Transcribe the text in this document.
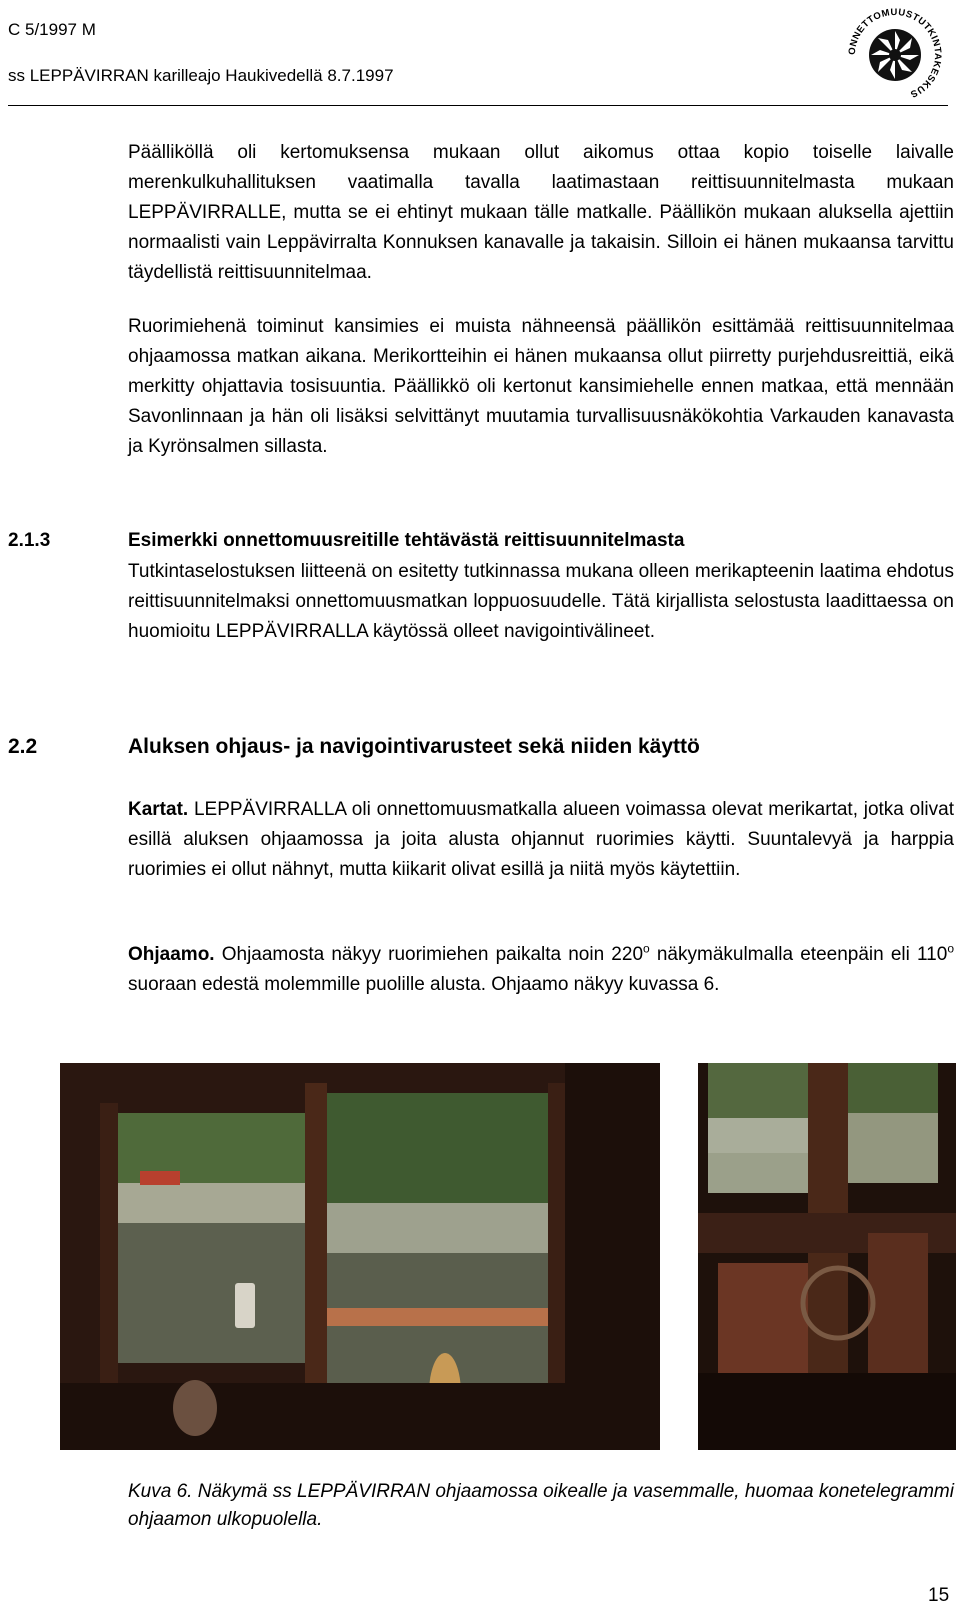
C 5/1997 M
ss LEPPÄVIRRAN karilleajo Haukivedellä 8.7.1997
ONNETTOMUUSTUTKINTAKESKUS
Päälliköllä oli kertomuksensa mukaan ollut aikomus ottaa kopio toiselle laivalle merenkulkuhallituksen vaatimalla tavalla laatimastaan reittisuunnitelmasta mukaan LEPPÄVIRRALLE, mutta se ei ehtinyt mukaan tälle matkalle. Päällikön mukaan aluksella ajettiin normaalisti vain Leppävirralta Konnuksen kanavalle ja takaisin. Silloin ei hänen mukaansa tarvittu täydellistä reittisuunnitelmaa.
Ruorimiehenä toiminut kansimies ei muista nähneensä päällikön esittämää reittisuunnitelmaa ohjaamossa matkan aikana. Merikortteihin ei hänen mukaansa ollut piirretty purjehdusreittiä, eikä merkitty ohjattavia tosisuuntia. Päällikkö oli kertonut kansimiehelle ennen matkaa, että mennään Savonlinnaan ja hän oli lisäksi selvittänyt muutamia turvallisuusnäkökohtia Varkauden kanavasta ja Kyrönsalmen sillasta.
2.1.3	Esimerkki onnettomuusreitille tehtävästä reittisuunnitelmasta
Tutkintaselostuksen liitteenä on esitetty tutkinnassa mukana olleen merikapteenin laatima ehdotus reittisuunnitelmaksi onnettomuusmatkan loppuosuudelle. Tätä kirjallista selostusta laadittaessa on huomioitu LEPPÄVIRRALLA käytössä olleet navigointivälineet.
2.2	Aluksen ohjaus- ja navigointivarusteet sekä niiden käyttö
Kartat. LEPPÄVIRRALLA oli onnettomuusmatkalla alueen voimassa olevat merikartat, jotka olivat esillä aluksen ohjaamossa ja joita alusta ohjannut ruorimies käytti. Suuntalevyä ja harppia ruorimies ei ollut nähnyt, mutta kiikarit olivat esillä ja niitä myös käytettiin.
Ohjaamo. Ohjaamosta näkyy ruorimiehen paikalta noin 220$^o$ näkymäkulmalla eteenpäin eli 110$^o$ suoraan edestä molemmille puolille alusta. Ohjaamo näkyy kuvassa 6.
Kuva 6. Näkymä ss LEPPÄVIRRAN ohjaamossa oikealle ja vasemmalle, huomaa konetelegrammi ohjaamon ulkopuolella.
15
